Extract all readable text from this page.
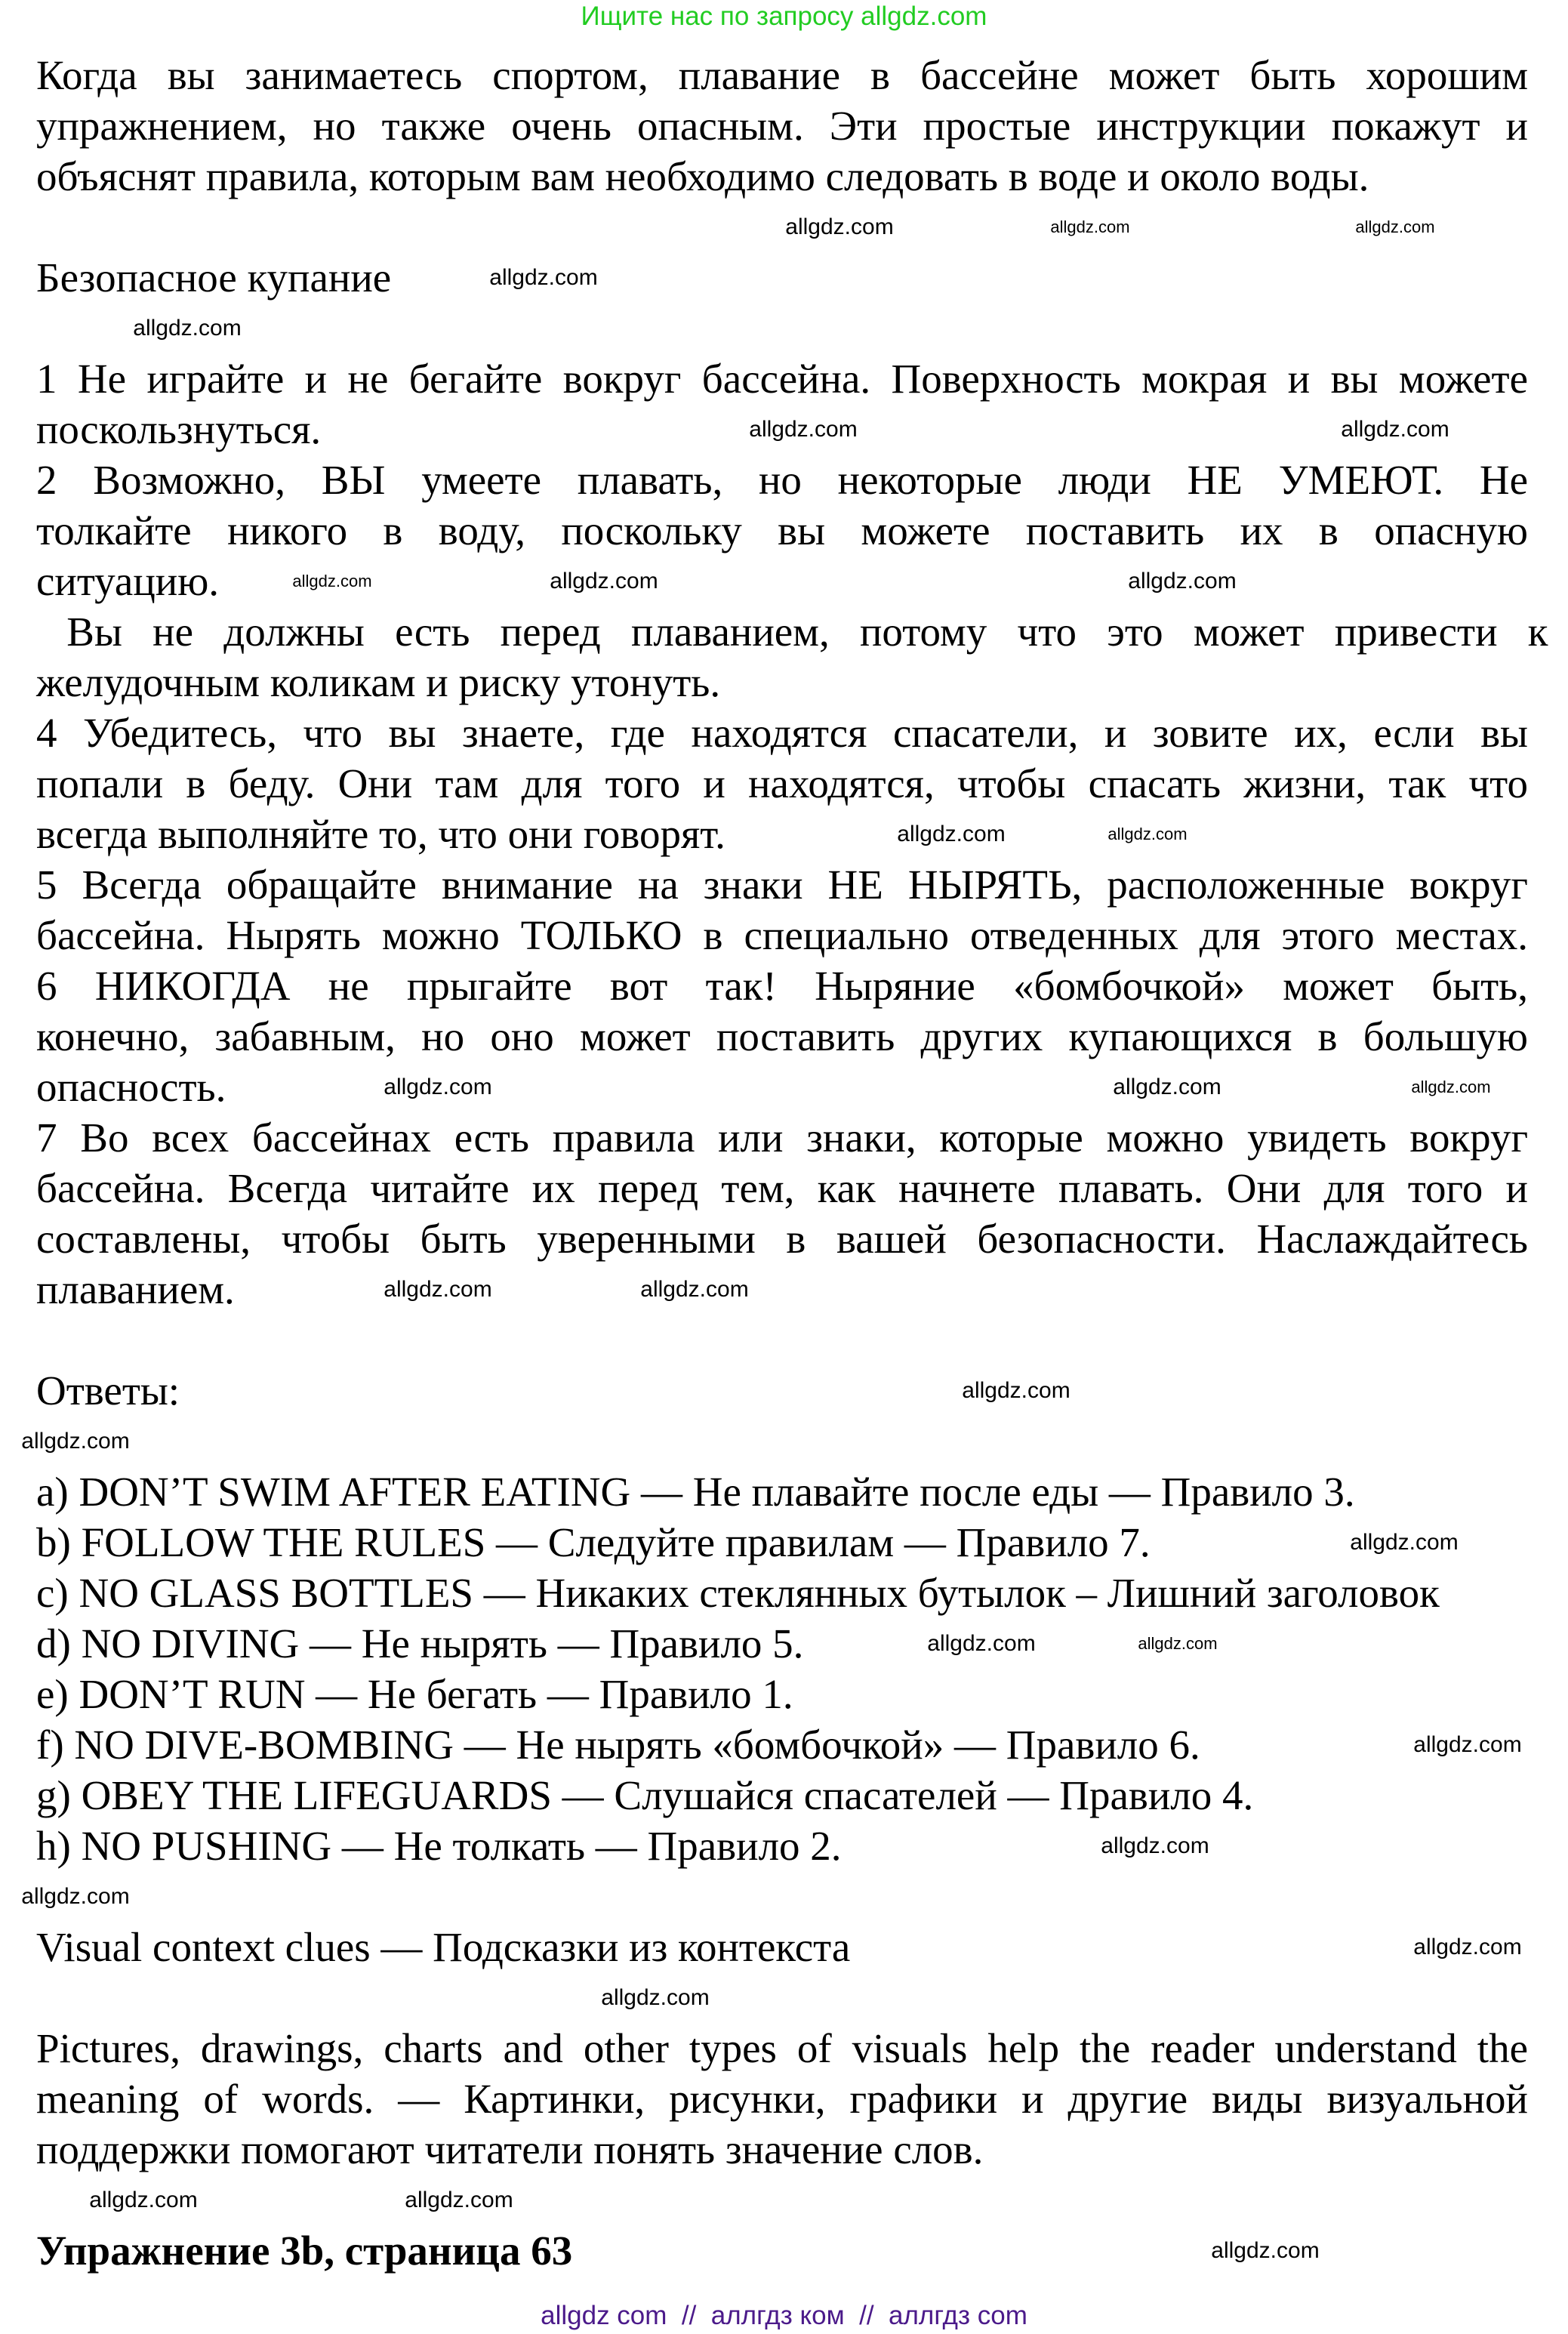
Ищите нас по запросу allgdz.com
Когда вы занимаетесь спортом, плавание в бассейне может быть хорошим
упражнением, но также очень опасным. Эти простые инструкции покажут и
объяснят правила, которым вам необходимо следовать в воде и около воды.
Безопасное купание
1 Не играйте и не бегайте вокруг бассейна. Поверхность мокрая и вы можете
поскользнуться.
2 Возможно, ВЫ умеете плавать, но некоторые люди НЕ УМЕЮТ. Не
толкайте никого в воду, поскольку вы можете поставить их в опасную
ситуацию.
Вы не должны есть перед плаванием, потому что это может привести к
желудочным коликам и риску утонуть.
4 Убедитесь, что вы знаете, где находятся спасатели, и зовите их, если вы
попали в беду. Они там для того и находятся, чтобы спасать жизни, так что
всегда выполняйте то, что они говорят.
5 Всегда обращайте внимание на знаки НЕ НЫРЯТЬ, расположенные вокруг
бассейна. Нырять можно ТОЛЬКО в специально отведенных для этого местах.
6 НИКОГДА не прыгайте вот так! Ныряние «бомбочкой» может быть,
конечно, забавным, но оно может поставить других купающихся в большую
опасность.
7 Во всех бассейнах есть правила или знаки, которые можно увидеть вокруг
бассейна. Всегда читайте их перед тем, как начнете плавать. Они для того и
составлены, чтобы быть уверенными в вашей безопасности. Наслаждайтесь
плаванием.
Ответы:
a) DON’T SWIM AFTER EATING — Не плавайте после еды — Правило 3.
b) FOLLOW THE RULES — Следуйте правилам — Правило 7.
c) NO GLASS BOTTLES — Никаких стеклянных бутылок – Лишний заголовок
d) NO DIVING — Не нырять — Правило 5.
e) DON’T RUN — Не бегать — Правило 1.
f) NO DIVE-BOMBING — Не нырять «бомбочкой» — Правило 6.
g) OBEY THE LIFEGUARDS — Слушайся спасателей — Правило 4.
h) NO PUSHING — Не толкать — Правило 2.
Visual context clues — Подсказки из контекста
Pictures, drawings, charts and other types of visuals help the reader understand the
meaning of words. — Картинки, рисунки, графики и другие виды визуальной
поддержки помогают читатели понять значение слов.
Упражнение 3b, страница 63
allgdz.com
allgdz.com
allgdz.com
allgdz.com
allgdz.com
allgdz.com
allgdz.com
allgdz.com	allgdz.com	allgdz.com
allgdz.com
allgdz.com
allgdz.com
allgdz.com	allgdz.com
allgdz.com	allgdz.com
allgdz.com
allgdz.com
allgdz.com
allgdz.com
allgdz.com
allgdz.com
allgdz.com
allgdz.com
allgdz.com
allgdz.com
allgdz.com
allgdz.com
allgdz.com
allgdz com  //  аллгдз ком  //  аллгдз com
